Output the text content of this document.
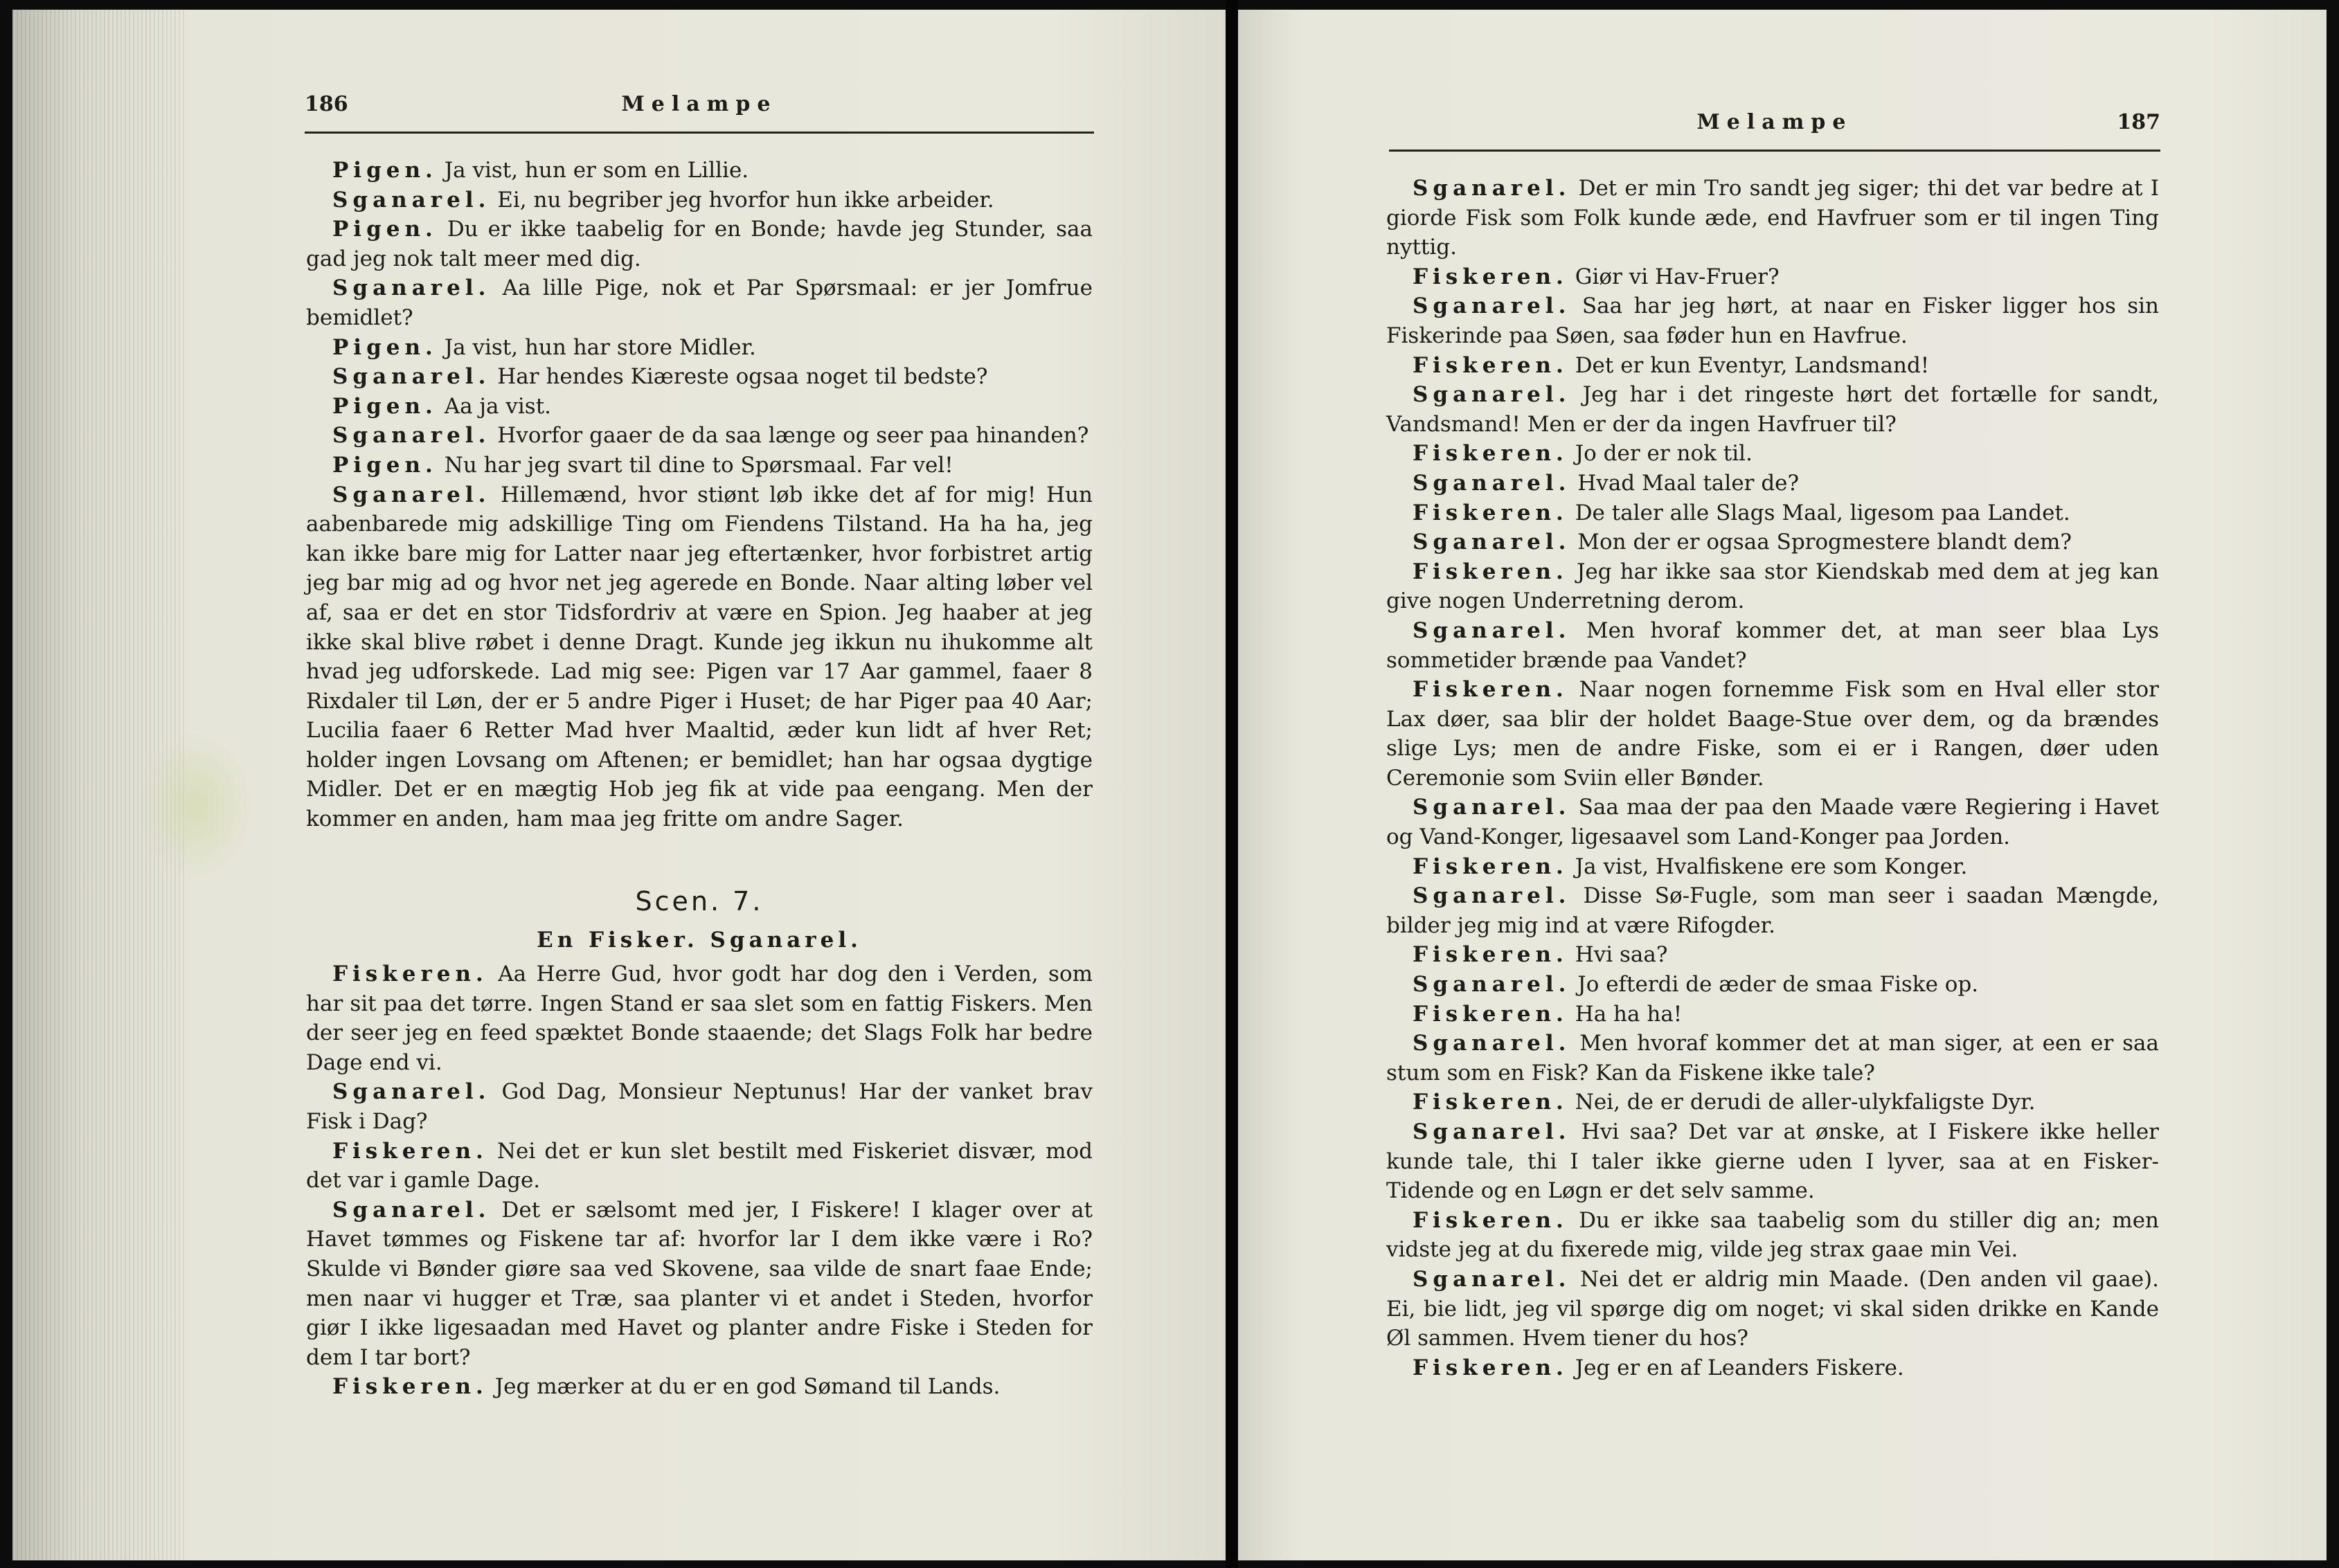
186	Melampe

Pigen. Ja vist, hun er som en Lillie.

Sganarel. Ei, nu begriber jeg hvorfor hun ikke arbeider.

Pigen. Du er ikke taabelig for en Bonde; havde jeg Stunder, saa gad jeg nok talt meer med dig.

Sganarel. Aa lille Pige, nok et Par Spørsmaal: er jer Jomfrue bemidlet?

Pigen. Ja vist, hun har store Midler.

Sganarel. Har hendes Kiæreste ogsaa noget til bedste?

Pigen. Aa ja vist.

Sganarel. Hvorfor gaaer de da saa længe og seer paa hinanden?

Pigen. Nu har jeg svart til dine to Spørsmaal. Far vel!

Sganarel. Hillemænd, hvor stiønt løb ikke det af for mig! Hun aabenbarede mig adskillige Ting om Fiendens Tilstand. Ha ha ha, jeg kan ikke bare mig for Latter naar jeg eftertænker, hvor forbistret artig jeg bar mig ad og hvor net jeg agerede en Bonde. Naar alting løber vel af, saa er det en stor Tidsfordriv at være en Spion. Jeg haaber at jeg ikke skal blive røbet i denne Dragt. Kunde jeg ikkun nu ihukomme alt hvad jeg udforskede. Lad mig see: Pigen var 17 Aar gammel, faaer 8 Rixdaler til Løn, der er 5 andre Piger i Huset; de har Piger paa 40 Aar; Lucilia faaer 6 Retter Mad hver Maaltid, æder kun lidt af hver Ret; holder ingen Lovsang om Aftenen; er bemidlet; han har ogsaa dygtige Midler. Det er en mægtig Hob jeg fik at vide paa eengang. Men der kommer en anden, ham maa jeg fritte om andre Sager.

Scen. 7.
En Fisker. Sganarel.

Fiskeren. Aa Herre Gud, hvor godt har dog den i Verden, som har sit paa det tørre. Ingen Stand er saa slet som en fattig Fiskers. Men der seer jeg en feed spæktet Bonde staaende; det Slags Folk har bedre Dage end vi.

Sganarel. God Dag, Monsieur Neptunus! Har der vanket brav Fisk i Dag?

Fiskeren. Nei det er kun slet bestilt med Fiskeriet disvær, mod det var i gamle Dage.

Sganarel. Det er sælsomt med jer, I Fiskere! I klager over at Havet tømmes og Fiskene tar af: hvorfor lar I dem ikke være i Ro? Skulde vi Bønder giøre saa ved Skovene, saa vilde de snart faae Ende; men naar vi hugger et Træ, saa planter vi et andet i Steden, hvorfor giør I ikke ligesaadan med Havet og planter andre Fiske i Steden for dem I tar bort?

Fiskeren. Jeg mærker at du er en god Sømand til Lands.

Melampe	187

Sganarel. Det er min Tro sandt jeg siger; thi det var bedre at I giorde Fisk som Folk kunde æde, end Havfruer som er til ingen Ting nyttig.

Fiskeren. Giør vi Hav-Fruer?

Sganarel. Saa har jeg hørt, at naar en Fisker ligger hos sin Fiskerinde paa Søen, saa føder hun en Havfrue.

Fiskeren. Det er kun Eventyr, Landsmand!

Sganarel. Jeg har i det ringeste hørt det fortælle for sandt, Vandsmand! Men er der da ingen Havfruer til?

Fiskeren. Jo der er nok til.

Sganarel. Hvad Maal taler de?

Fiskeren. De taler alle Slags Maal, ligesom paa Landet.

Sganarel. Mon der er ogsaa Sprogmestere blandt dem?

Fiskeren. Jeg har ikke saa stor Kiendskab med dem at jeg kan give nogen Underretning derom.

Sganarel. Men hvoraf kommer det, at man seer blaa Lys sommetider brænde paa Vandet?

Fiskeren. Naar nogen fornemme Fisk som en Hval eller stor Lax døer, saa blir der holdet Baage-Stue over dem, og da brændes slige Lys; men de andre Fiske, som ei er i Rangen, døer uden Ceremonie som Sviin eller Bønder.

Sganarel. Saa maa der paa den Maade være Regiering i Havet og Vand-Konger, ligesaavel som Land-Konger paa Jorden.

Fiskeren. Ja vist, Hvalfiskene ere som Konger.

Sganarel. Disse Sø-Fugle, som man seer i saadan Mængde, bilder jeg mig ind at være Rifogder.

Fiskeren. Hvi saa?

Sganarel. Jo efterdi de æder de smaa Fiske op.

Fiskeren. Ha ha ha!

Sganarel. Men hvoraf kommer det at man siger, at een er saa stum som en Fisk? Kan da Fiskene ikke tale?

Fiskeren. Nei, de er derudi de aller-ulykfaligste Dyr.

Sganarel. Hvi saa? Det var at ønske, at I Fiskere ikke heller kunde tale, thi I taler ikke gierne uden I lyver, saa at en Fisker-Tidende og en Løgn er det selv samme.

Fiskeren. Du er ikke saa taabelig som du stiller dig an; men vidste jeg at du fixerede mig, vilde jeg strax gaae min Vei.

Sganarel. Nei det er aldrig min Maade. (Den anden vil gaae). Ei, bie lidt, jeg vil spørge dig om noget; vi skal siden drikke en Kande Øl sammen. Hvem tiener du hos?

Fiskeren. Jeg er en af Leanders Fiskere.
